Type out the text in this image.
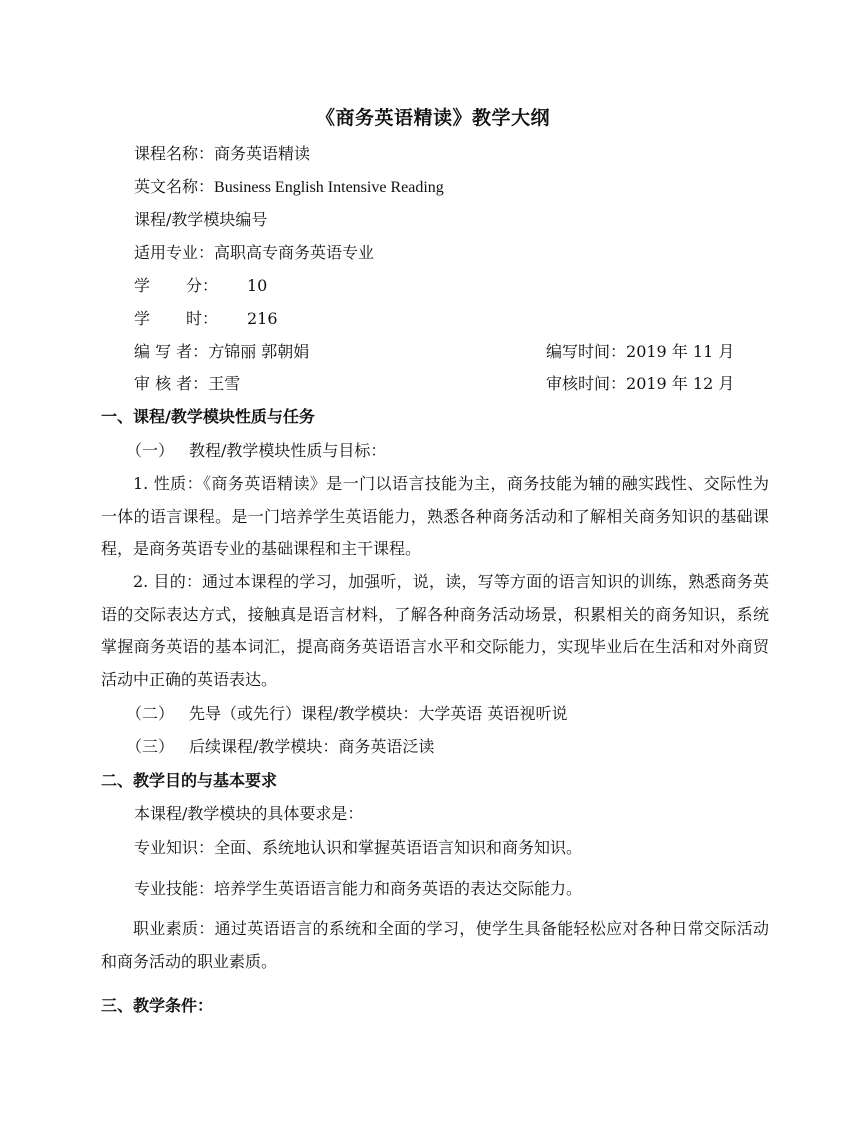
《商务英语精读》教学大纲
课程名称：商务英语精读
英文名称：Business English Intensive Reading
课程/教学模块编号
适用专业：高职高专商务英语专业
学 分： 10
学 时： 216
编 写 者：方锦丽 郭朝娟	编写时间：2019 年 11 月
审 核 者：王雪	审核时间：2019 年 12 月
一、课程/教学模块性质与任务
（一） 教程/教学模块性质与目标：
1. 性质：《商务英语精读》是一门以语言技能为主，商务技能为辅的融实践性、交际性为一体的语言课程。是一门培养学生英语能力，熟悉各种商务活动和了解相关商务知识的基础课程，是商务英语专业的基础课程和主干课程。
2. 目的：通过本课程的学习，加强听，说，读，写等方面的语言知识的训练，熟悉商务英语的交际表达方式，接触真是语言材料，了解各种商务活动场景，积累相关的商务知识，系统掌握商务英语的基本词汇，提高商务英语语言水平和交际能力，实现毕业后在生活和对外商贸活动中正确的英语表达。
（二） 先导（或先行）课程/教学模块：大学英语 英语视听说
（三） 后续课程/教学模块：商务英语泛读
二、教学目的与基本要求
本课程/教学模块的具体要求是：
专业知识：全面、系统地认识和掌握英语语言知识和商务知识。
专业技能：培养学生英语语言能力和商务英语的表达交际能力。
职业素质：通过英语语言的系统和全面的学习，使学生具备能轻松应对各种日常交际活动和商务活动的职业素质。
三、教学条件：
